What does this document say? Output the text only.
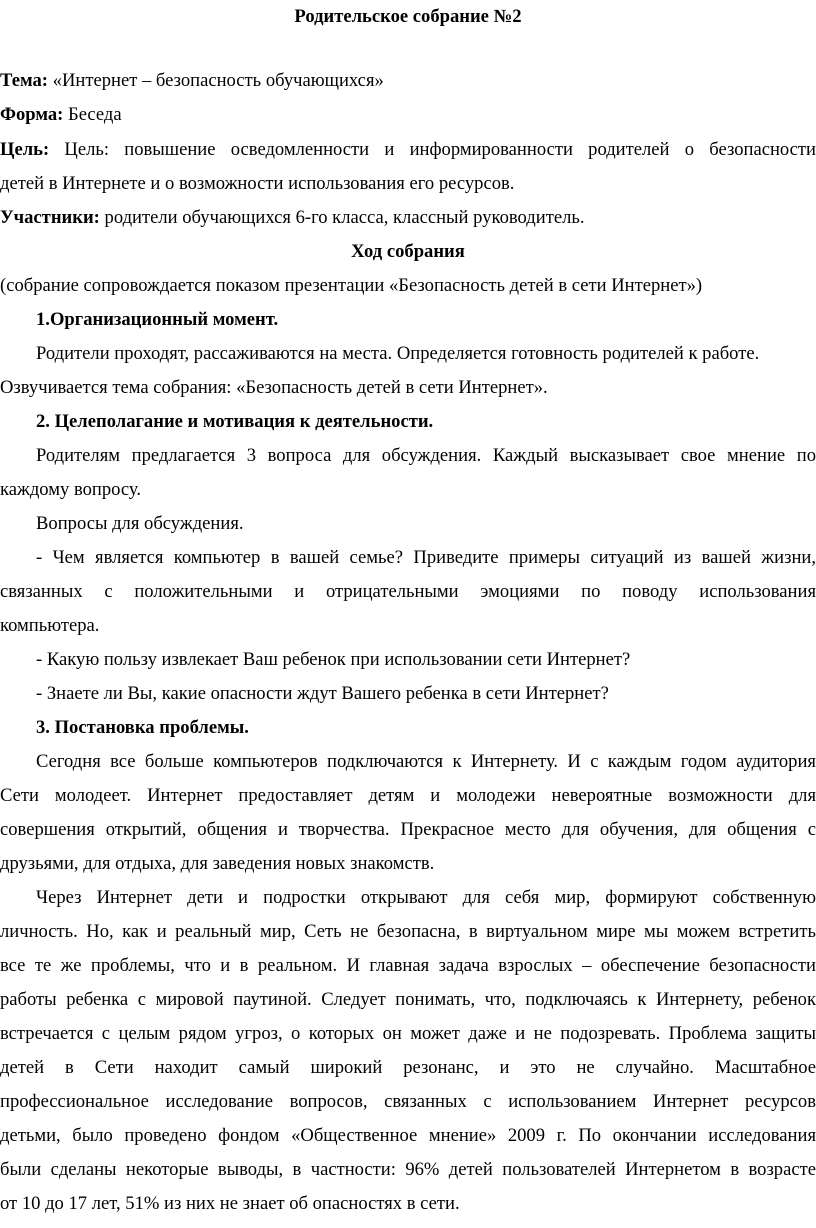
Родительское собрание №2
Тема: «Интернет – безопасность обучающихся»
Форма: Беседа
Цель: Цель: повышение осведомленности и информированности родителей о безопасности
детей в Интернете и о возможности использования его ресурсов.
Участники: родители обучающихся 6-го класса, классный руководитель.
Ход собрания
(собрание сопровождается показом презентации «Безопасность детей в сети Интернет»)
1.Организационный момент.
Родители проходят, рассаживаются на места. Определяется готовность родителей к работе.
Озвучивается тема собрания: «Безопасность детей в сети Интернет».
2. Целеполагание и мотивация к деятельности.
Родителям предлагается 3 вопроса для обсуждения. Каждый высказывает свое мнение по
каждому вопросу.
Вопросы для обсуждения.
- Чем является компьютер в вашей семье? Приведите примеры ситуаций из вашей жизни,
связанных с положительными и отрицательными эмоциями по поводу использования
компьютера.
- Какую пользу извлекает Ваш ребенок при использовании сети Интернет?
- Знаете ли Вы, какие опасности ждут Вашего ребенка в сети Интернет?
3. Постановка проблемы.
Сегодня все больше компьютеров подключаются к Интернету. И с каждым годом аудитория
Сети молодеет. Интернет предоставляет детям и молодежи невероятные возможности для
совершения открытий, общения и творчества. Прекрасное место для обучения, для общения с
друзьями, для отдыха, для заведения новых знакомств.
Через Интернет дети и подростки открывают для себя мир, формируют собственную
личность. Но, как и реальный мир, Сеть не безопасна, в виртуальном мире мы можем встретить
все те же проблемы, что и в реальном. И главная задача взрослых – обеспечение безопасности
работы ребенка с мировой паутиной. Следует понимать, что, подключаясь к Интернету, ребенок
встречается с целым рядом угроз, о которых он может даже и не подозревать. Проблема защиты
детей в Сети находит самый широкий резонанс, и это не случайно. Масштабное
профессиональное исследование вопросов, связанных с использованием Интернет ресурсов
детьми, было проведено фондом «Общественное мнение» 2009 г. По окончании исследования
были сделаны некоторые выводы, в частности: 96% детей пользователей Интернетом в возрасте
от 10 до 17 лет, 51% из них не знает об опасностях в сети.
